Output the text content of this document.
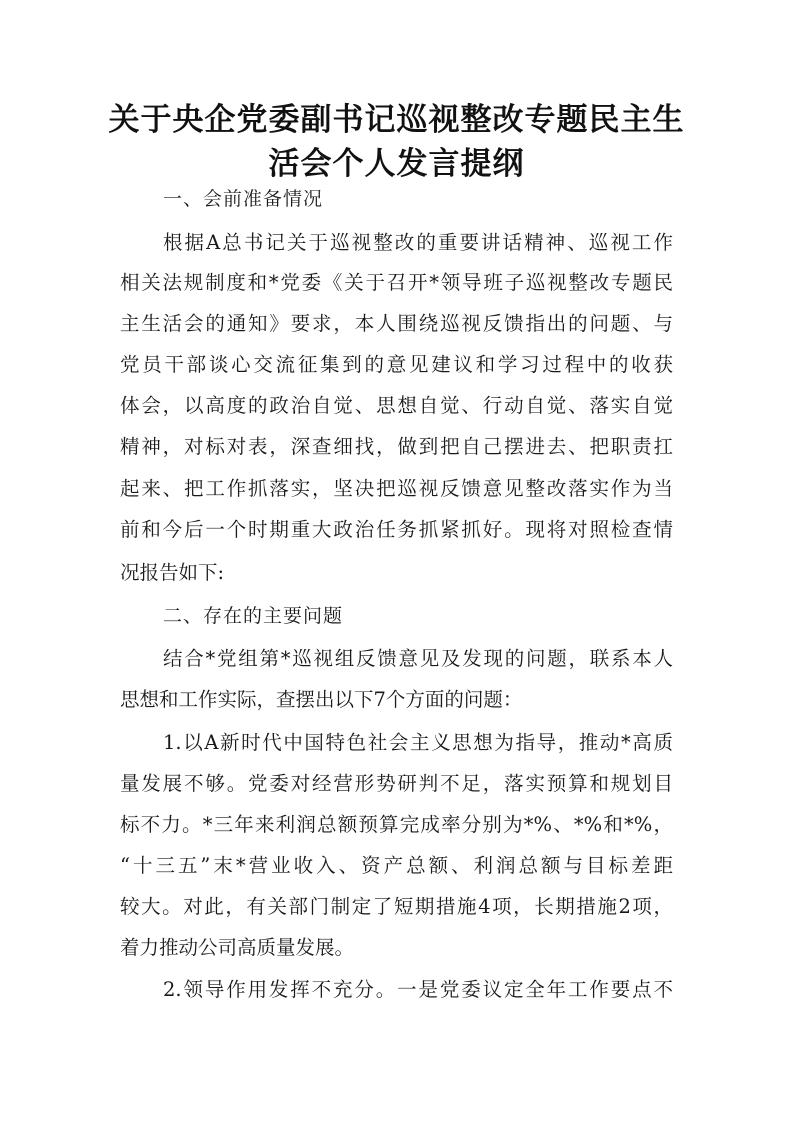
关于央企党委副书记巡视整改专题民主生
活会个人发言提纲
一、会前准备情况
根据A总书记关于巡视整改的重要讲话精神、巡视工作
相关法规制度和*党委《关于召开*领导班子巡视整改专题民
主生活会的通知》要求，本人围绕巡视反馈指出的问题、与
党员干部谈心交流征集到的意见建议和学习过程中的收获
体会，以高度的政治自觉、思想自觉、行动自觉、落实自觉
精神，对标对表，深查细找，做到把自己摆进去、把职责扛
起来、把工作抓落实，坚决把巡视反馈意见整改落实作为当
前和今后一个时期重大政治任务抓紧抓好。现将对照检查情
况报告如下:
二、存在的主要问题
结合*党组第*巡视组反馈意见及发现的问题，联系本人
思想和工作实际，查摆出以下7个方面的问题：
1.以A新时代中国特色社会主义思想为指导，推动*高质
量发展不够。党委对经营形势研判不足，落实预算和规划目
标不力。*三年来利润总额预算完成率分别为*%、*%和*%，
“十三五”末*营业收入、资产总额、利润总额与目标差距
较大。对此，有关部门制定了短期措施4项，长期措施2项，
着力推动公司高质量发展。
2.领导作用发挥不充分。一是党委议定全年工作要点不
